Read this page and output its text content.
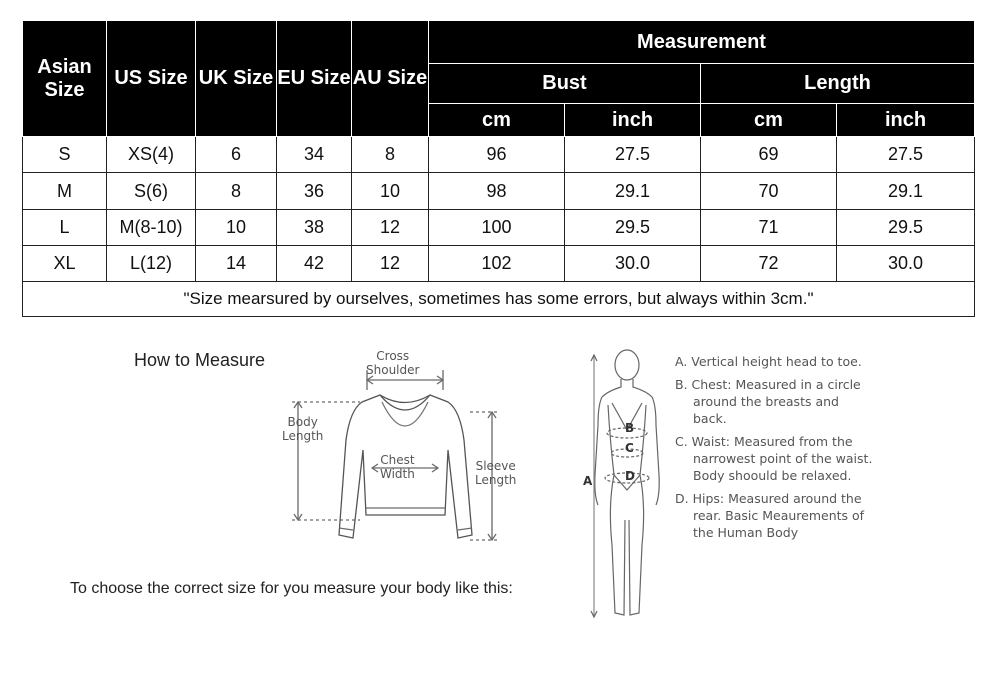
Asian Size	US Size	UK Size	EU Size	AU Size	Measurement			
					Bust		Length	
					cm	inch	cm	inch
S	XS(4)	6	34	8	96	27.5	69	27.5
M	S(6)	8	36	10	98	29.1	70	29.1
L	M(8-10)	10	38	12	100	29.5	71	29.5
XL	L(12)	14	42	12	102	30.0	72	30.0
"Size mearsured by ourselves, sometimes has some errors, but always within 3cm."								
How to Measure	Cross
Shoulder
Body
Length
Chest
Width
Sleeve
Length
To choose the correct size for you measure your body like this:
A
B
C
D
A. Vertical height head to toe.
B. Chest: Measured in a circle around the breasts and back.
C. Waist: Measured from the narrowest point of the waist. Body shoould be relaxed.
D. Hips: Measured around the rear. Basic Meaurements of the Human Body
